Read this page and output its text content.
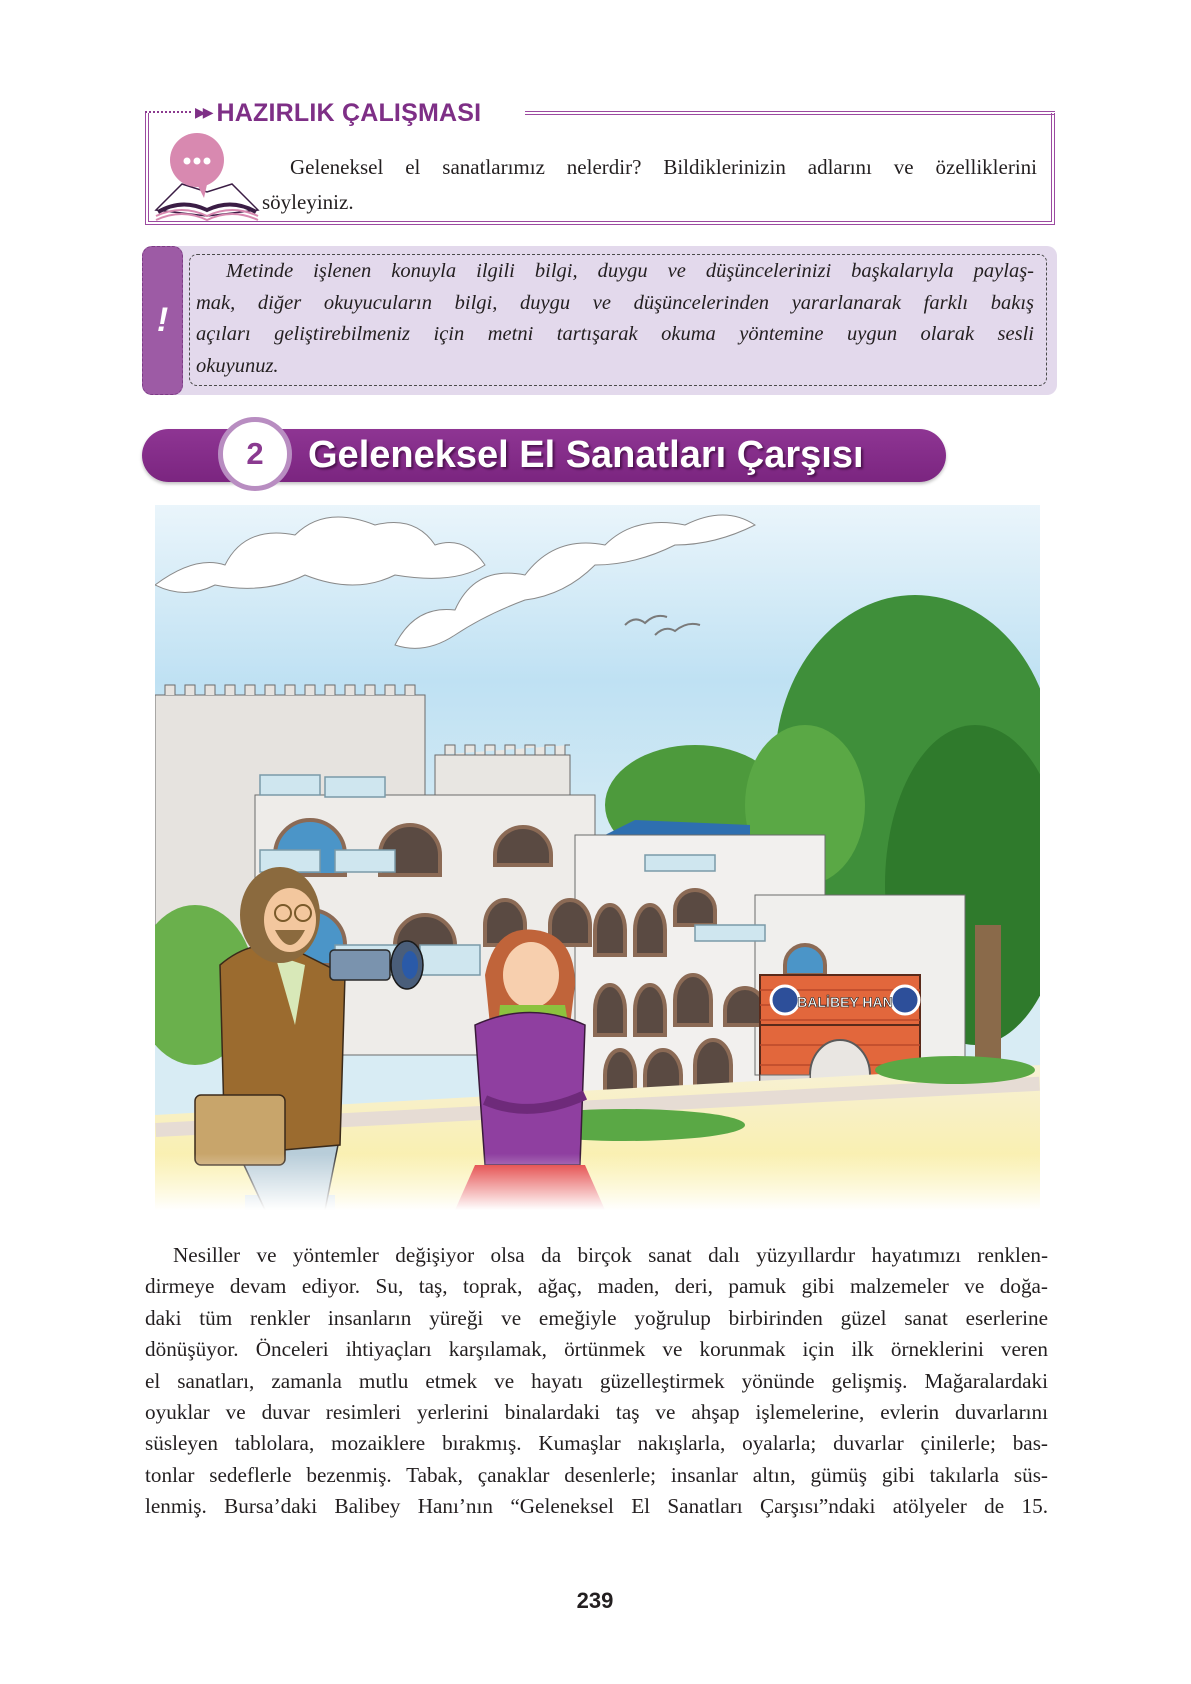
▶▶ HAZIRLIK ÇALIŞMASI
Geleneksel el sanatlarımız nelerdir? Bildiklerinizin adlarını ve özelliklerini
söyleyiniz.
!
Metinde işlenen konuyla ilgili bilgi, duygu ve düşüncelerinizi başkalarıyla paylaş-
mak, diğer okuyucuların bilgi, duygu ve düşüncelerinden yararlanarak farklı bakış
açıları geliştirebilmeniz için metni tartışarak okuma yöntemine uygun olarak sesli
okuyunuz.
2 Geleneksel El Sanatları Çarşısı
Nesiller ve yöntemler değişiyor olsa da birçok sanat dalı yüzyıllardır hayatımızı renklen-
dirmeye devam ediyor. Su, taş, toprak, ağaç, maden, deri, pamuk gibi malzemeler ve doğa-
daki tüm renkler insanların yüreği ve emeğiyle yoğrulup birbirinden güzel sanat eserlerine
dönüşüyor. Önceleri ihtiyaçları karşılamak, örtünmek ve korunmak için ilk örneklerini veren
el sanatları, zamanla mutlu etmek ve hayatı güzelleştirmek yönünde gelişmiş. Mağaralardaki
oyuklar ve duvar resimleri yerlerini binalardaki taş ve ahşap işlemelerine, evlerin duvarlarını
süsleyen tablolara, mozaiklere bırakmış. Kumaşlar nakışlarla, oyalarla; duvarlar çinilerle; bas-
tonlar sedeflerle bezenmiş. Tabak, çanaklar desenlerle; insanlar altın, gümüş gibi takılarla süs-
lenmiş. Bursa’daki Balibey Hanı’nın “Geleneksel El Sanatları Çarşısı”ndaki atölyeler de 15.
239
